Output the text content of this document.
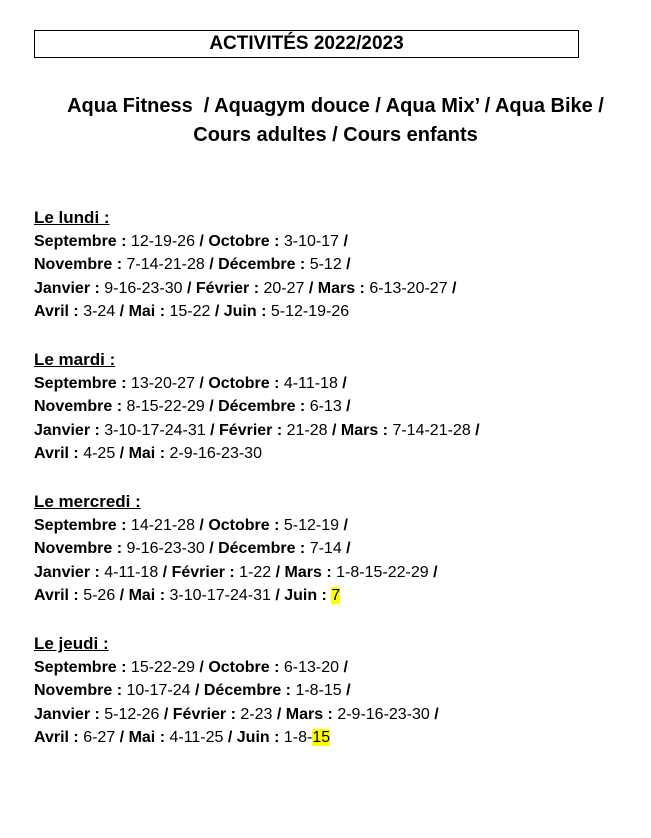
ACTIVITÉS 2022/2023
Aqua Fitness  / Aquagym douce / Aqua Mix’ / Aqua Bike /
Cours adultes / Cours enfants
Le lundi :
Septembre : 12-19-26 / Octobre : 3-10-17 /
Novembre : 7-14-21-28 / Décembre : 5-12 /
Janvier : 9-16-23-30 / Février : 20-27 / Mars : 6-13-20-27 /
Avril : 3-24 / Mai : 15-22 / Juin : 5-12-19-26
Le mardi :
Septembre : 13-20-27 / Octobre : 4-11-18 /
Novembre : 8-15-22-29 / Décembre : 6-13 /
Janvier : 3-10-17-24-31 / Février : 21-28 / Mars : 7-14-21-28 /
Avril : 4-25 / Mai : 2-9-16-23-30
Le mercredi :
Septembre : 14-21-28 / Octobre : 5-12-19 /
Novembre : 9-16-23-30 / Décembre : 7-14 /
Janvier : 4-11-18 / Février : 1-22 / Mars : 1-8-15-22-29 /
Avril : 5-26 / Mai : 3-10-17-24-31 / Juin : 7
Le jeudi :
Septembre : 15-22-29 / Octobre : 6-13-20 /
Novembre : 10-17-24 / Décembre : 1-8-15 /
Janvier : 5-12-26 / Février : 2-23 / Mars : 2-9-16-23-30 /
Avril : 6-27 / Mai : 4-11-25 / Juin : 1-8-15
